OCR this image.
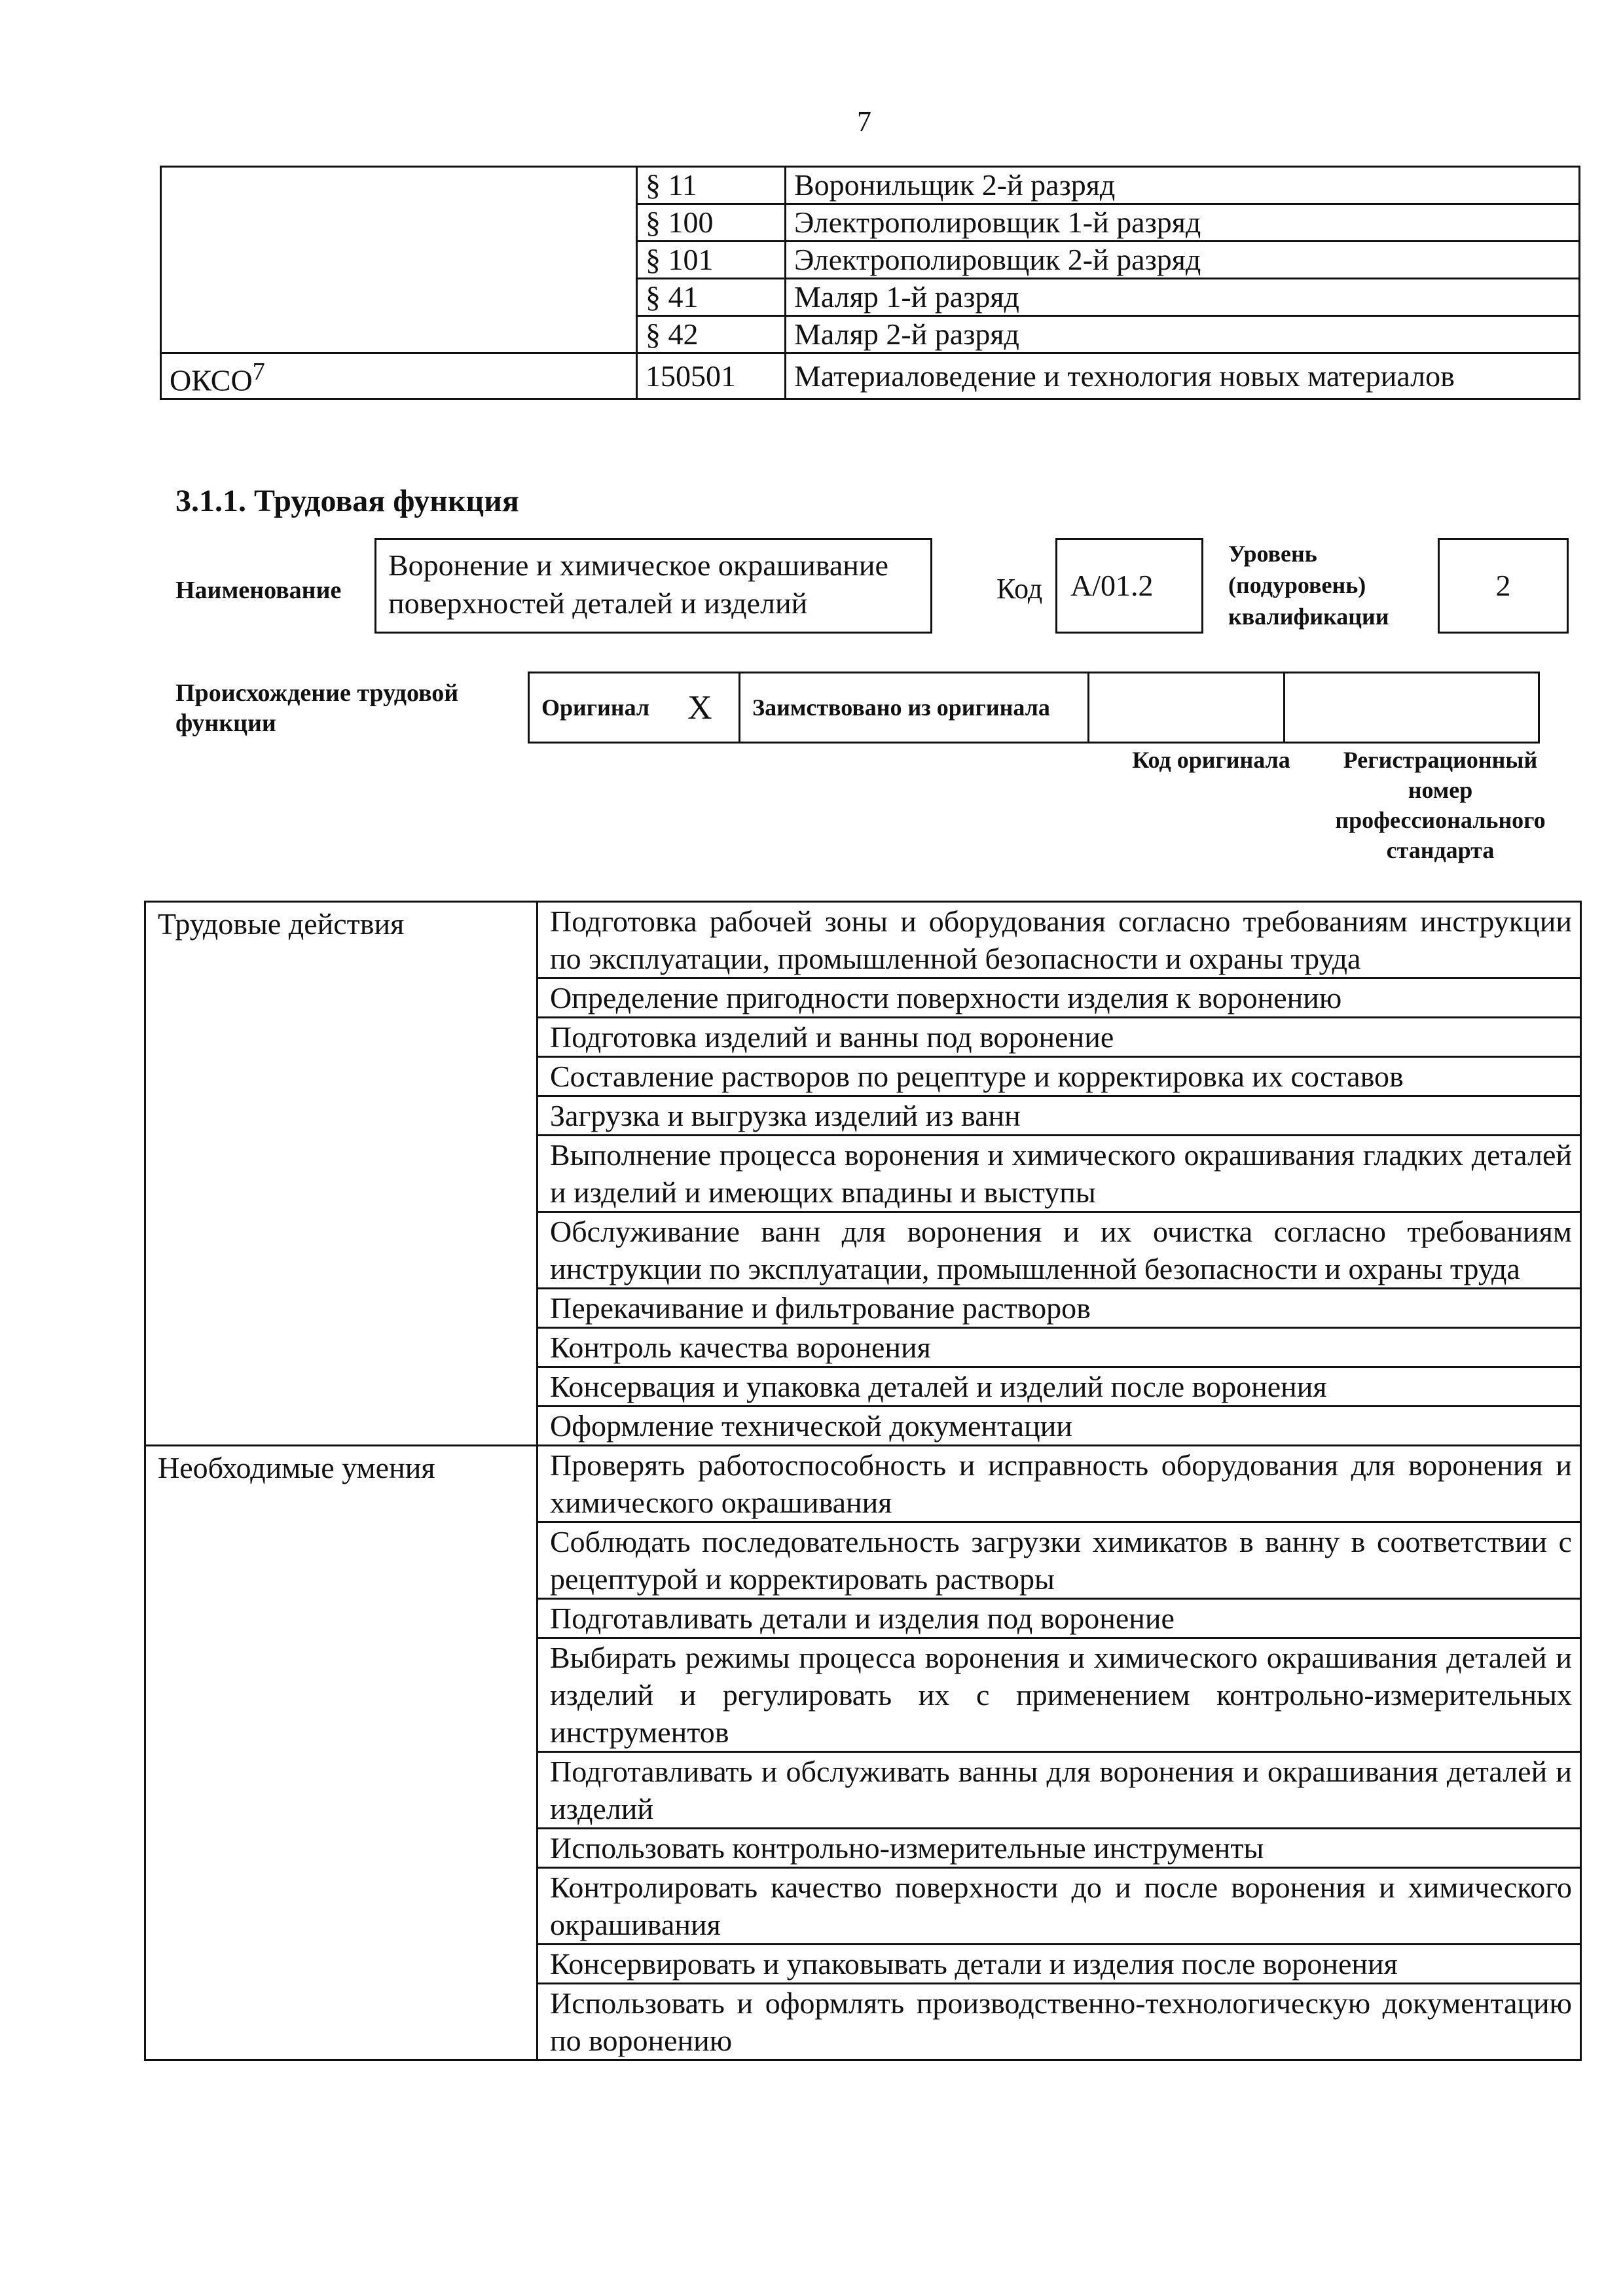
7
	§ 11	Воронильщик 2-й разряд
	§ 100	Электрополировщик 1-й разряд
	§ 101	Электрополировщик 2-й разряд
	§ 41	Маляр 1-й разряд
	§ 42	Маляр 2-й разряд
ОКСО$^7$	150501	Материаловедение и технология новых материалов
3.1.1. Трудовая функция
Наименование
Воронение и химическое окрашивание поверхностей деталей и изделий	Код А/01.2
Уровень (подуровень) квалификации
2
Происхождение трудовой функции
Оригинал	X	Заимствовано из оригинала		
Код оригинала	Регистрационный номер профессионального стандарта
Трудовые действия	Подготовка рабочей зоны и оборудования согласно требованиям инструкции по эксплуатации, промышленной безопасности и охраны труда
	Определение пригодности поверхности изделия к воронению
	Подготовка изделий и ванны под воронение
	Составление растворов по рецептуре и корректировка их составов
	Загрузка и выгрузка изделий из ванн
	Выполнение процесса воронения и химического окрашивания гладких деталей и изделий и имеющих впадины и выступы
	Обслуживание ванн для воронения и их очистка согласно требованиям инструкции по эксплуатации, промышленной безопасности и охраны труда
	Перекачивание и фильтрование растворов
	Контроль качества воронения
	Консервация и упаковка деталей и изделий после воронения
	Оформление технической документации
Необходимые умения	Проверять работоспособность и исправность оборудования для воронения и химического окрашивания
	Соблюдать последовательность загрузки химикатов в ванну в соответствии с рецептурой и корректировать растворы
	Подготавливать детали и изделия под воронение
	Выбирать режимы процесса воронения и химического окрашивания деталей и изделий и регулировать их с применением контрольно-измерительных инструментов
	Подготавливать и обслуживать ванны для воронения и окрашивания деталей и изделий
	Использовать контрольно-измерительные инструменты
	Контролировать качество поверхности до и после воронения и химического окрашивания
	Консервировать и упаковывать детали и изделия после воронения
	Использовать и оформлять производственно-технологическую документацию по воронению
